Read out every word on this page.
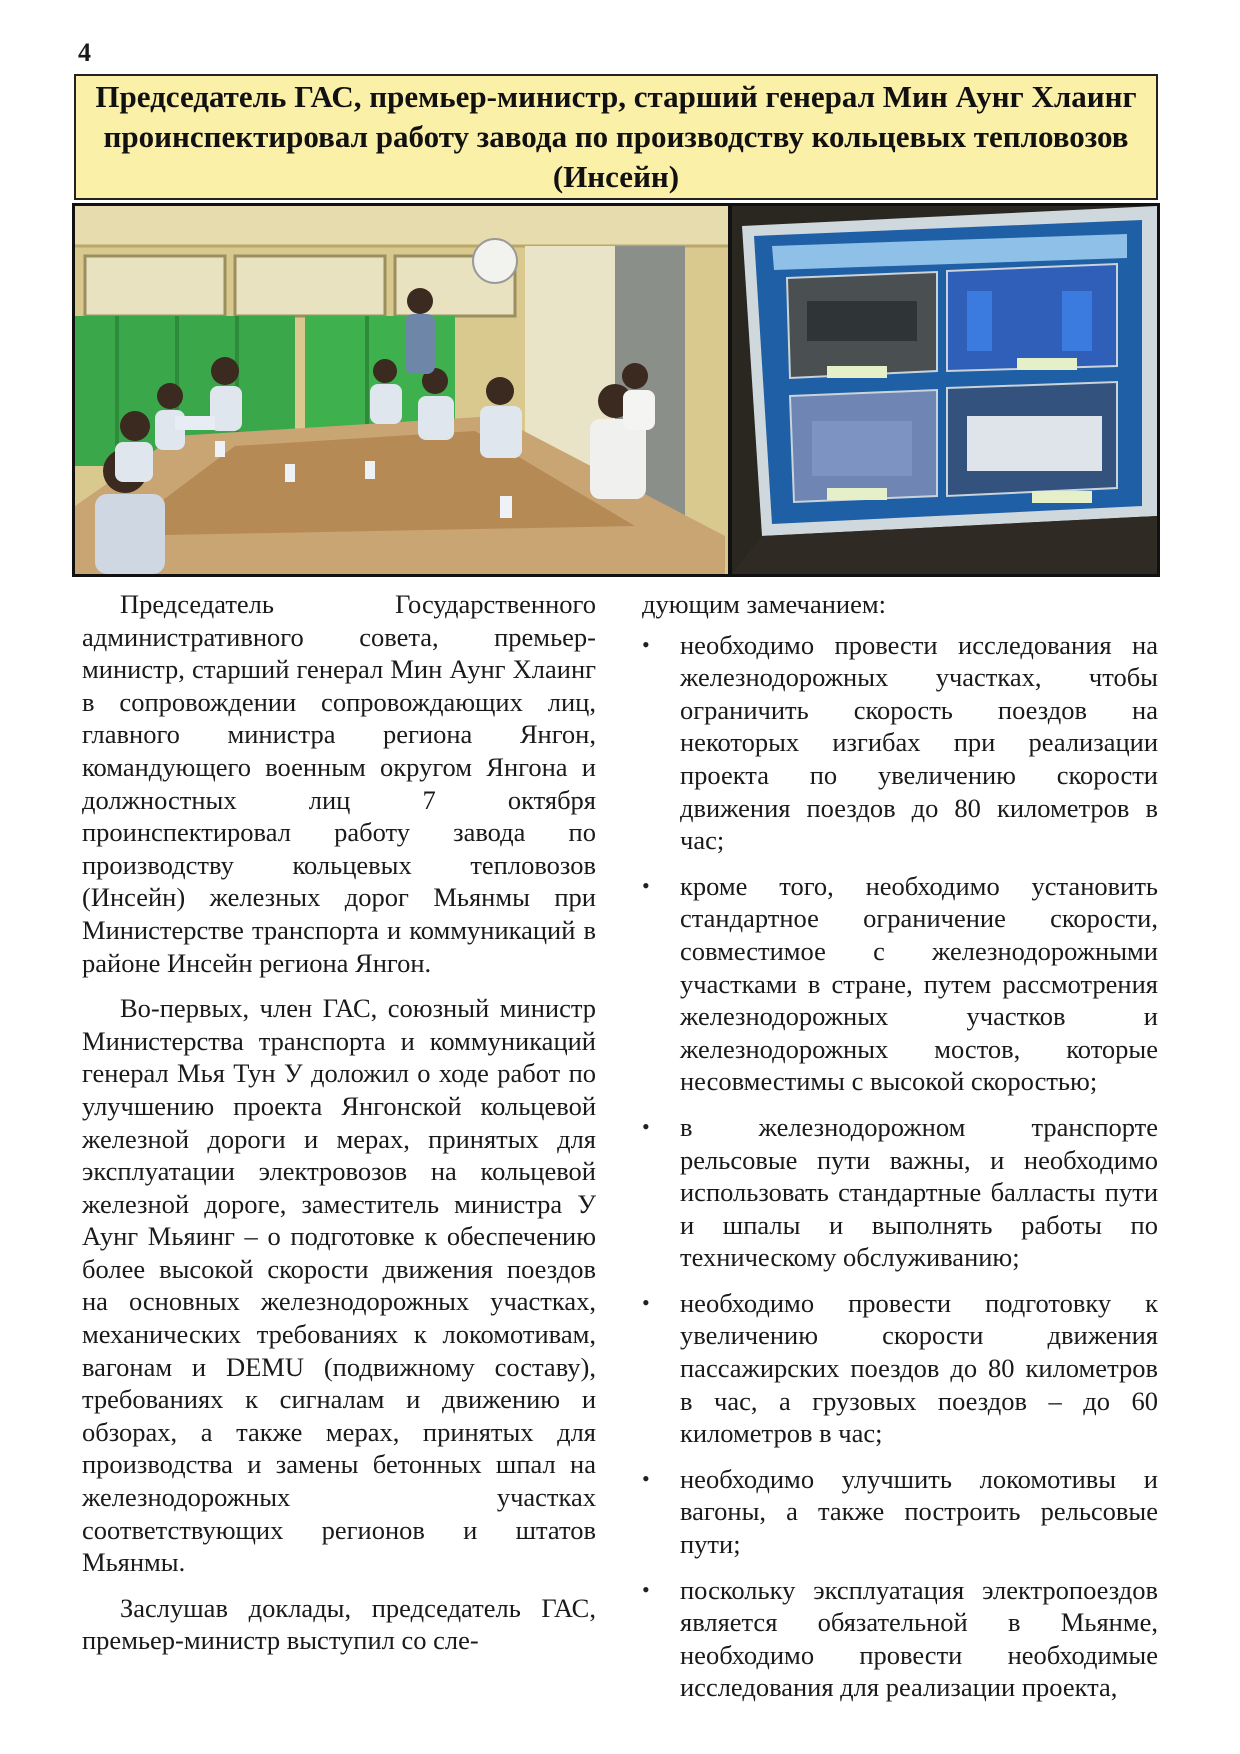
4
Председатель ГАС, премьер-министр, старший генерал Мин Аунг Хлаинг проинспектировал работу завода по производству кольцевых тепловозов (Инсейн)

Председатель Государственного административного совета, премьер-министр, старший генерал Мин Аунг Хлаинг в сопровождении сопровождающих лиц, главного министра региона Янгон, командующего военным округом Янгона и должностных лиц 7 октября проинспектировал работу завода по производству кольцевых тепловозов (Инсейн) железных дорог Мьянмы при Министерстве транспорта и коммуникаций в районе Инсейн региона Янгон.

Во-первых, член ГАС, союзный министр Министерства транспорта и коммуникаций генерал Мья Тун У доложил о ходе работ по улучшению проекта Янгонской кольцевой железной дороги и мерах, принятых для эксплуатации электровозов на кольцевой железной дороге, заместитель министра У Аунг Мьяинг – о подготовке к обеспечению более высокой скорости движения поездов на основных железнодорожных участках, механических требованиях к локомотивам, вагонам и DEMU (подвижному составу), требованиях к сигналам и движению и обзорах, а также мерах, принятых для производства и замены бетонных шпал на железнодорожных участках соответствующих регионов и штатов Мьянмы.

Заслушав доклады, председатель ГАС, премьер-министр выступил со сле-

дующим замечанием:

• необходимо провести исследования на железнодорожных участках, чтобы ограничить скорость поездов на некоторых изгибах при реализации проекта по увеличению скорости движения поездов до 80 километров в час;
• кроме того, необходимо установить стандартное ограничение скорости, совместимое с железнодорожными участками в стране, путем рассмотрения железнодорожных участков и железнодорожных мостов, которые несовместимы с высокой скоростью;
• в железнодорожном транспорте рельсовые пути важны, и необходимо использовать стандартные балласты пути и шпалы и выполнять работы по техническому обслуживанию;
• необходимо провести подготовку к увеличению скорости движения пассажирских поездов до 80 километров в час, а грузовых поездов – до 60 километров в час;
• необходимо улучшить локомотивы и вагоны, а также построить рельсовые пути;
• поскольку эксплуатация электропоездов является обязательной в Мьянме, необходимо провести необходимые исследования для реализации проекта,
